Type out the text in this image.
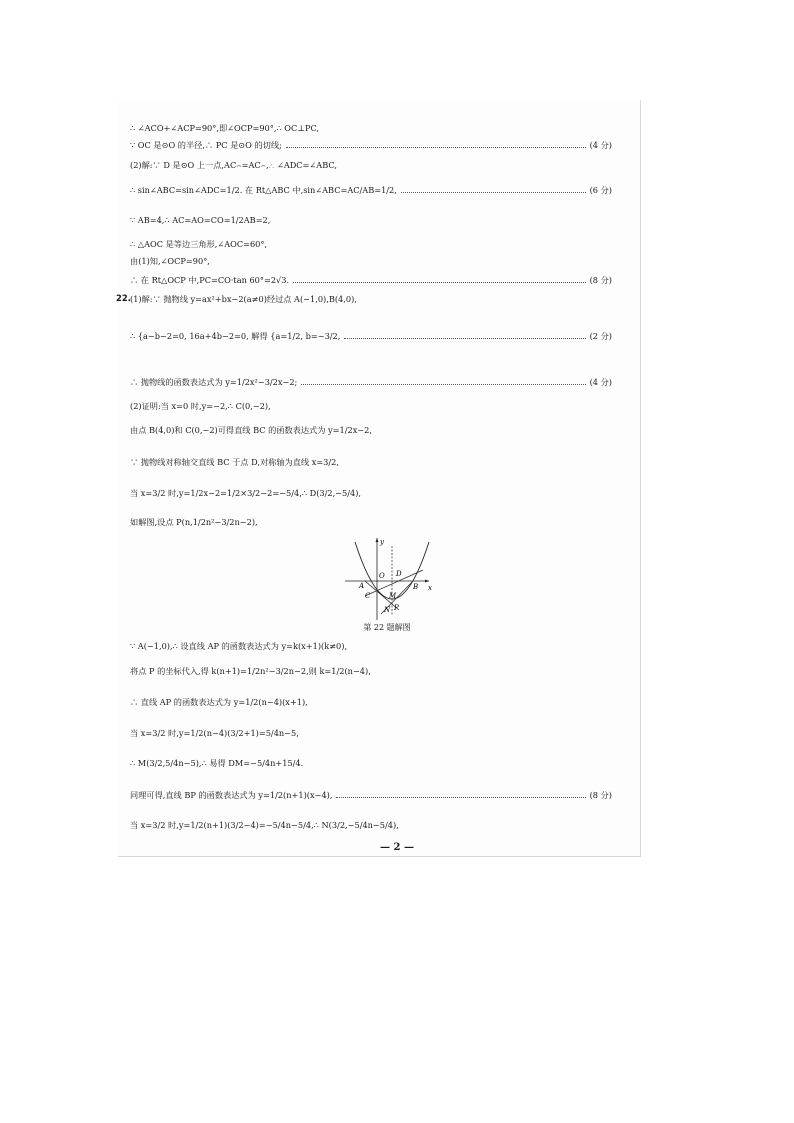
∴ ∠ACO+∠ACP=90°,即∠OCP=90°,∴ OC⊥PC,
∵ OC 是⊙O 的半径,∴ PC 是⊙O 的切线;	(4 分)
(2)解:∵ D 是⊙O 上一点,AC⌢=AC⌢,∴ ∠ADC=∠ABC,
∴ sin∠ABC=sin∠ADC=1/2. 在 Rt△ABC 中,sin∠ABC=AC/AB=1/2,	(6 分)
∵ AB=4,∴ AC=AO=CO=1/2AB=2,
∴ △AOC 是等边三角形,∠AOC=60°,
由(1)知,∠OCP=90°,
∴ 在 Rt△OCP 中,PC=CO·tan 60°=2√3.	(8 分)
22. (1)解:∵ 抛物线 y=ax²+bx−2(a≠0)经过点 A(−1,0),B(4,0),
∴ {a−b−2=0, 16a+4b−2=0, 解得 {a=1/2, b=−3/2,	(2 分)
∴ 抛物线的函数表达式为 y=1/2x²−3/2x−2;	(4 分)
(2)证明:当 x=0 时,y=−2,∴ C(0,−2),
由点 B(4,0)和 C(0,−2)可得直线 BC 的函数表达式为 y=1/2x−2,
∵ 抛物线对称轴交直线 BC 于点 D,对称轴为直线 x=3/2,
当 x=3/2 时,y=1/2x−2=1/2×3/2−2=−5/4,∴ D(3/2,−5/4),
如解图,设点 P(n,1/2n²−3/2n−2),
y
x
O
A	B
C
D
P
M
N
第 22 题解图
∵ A(−1,0),∴ 设直线 AP 的函数表达式为 y=k(x+1)(k≠0),
将点 P 的坐标代入,得 k(n+1)=1/2n²−3/2n−2,则 k=1/2(n−4),
∴ 直线 AP 的函数表达式为 y=1/2(n−4)(x+1),
当 x=3/2 时,y=1/2(n−4)(3/2+1)=5/4n−5,
∴ M(3/2,5/4n−5),∴ 易得 DM=−5/4n+15/4.
同理可得,直线 BP 的函数表达式为 y=1/2(n+1)(x−4),	(8 分)
当 x=3/2 时,y=1/2(n+1)(3/2−4)=−5/4n−5/4,∴ N(3/2,−5/4n−5/4),
— 2 —
